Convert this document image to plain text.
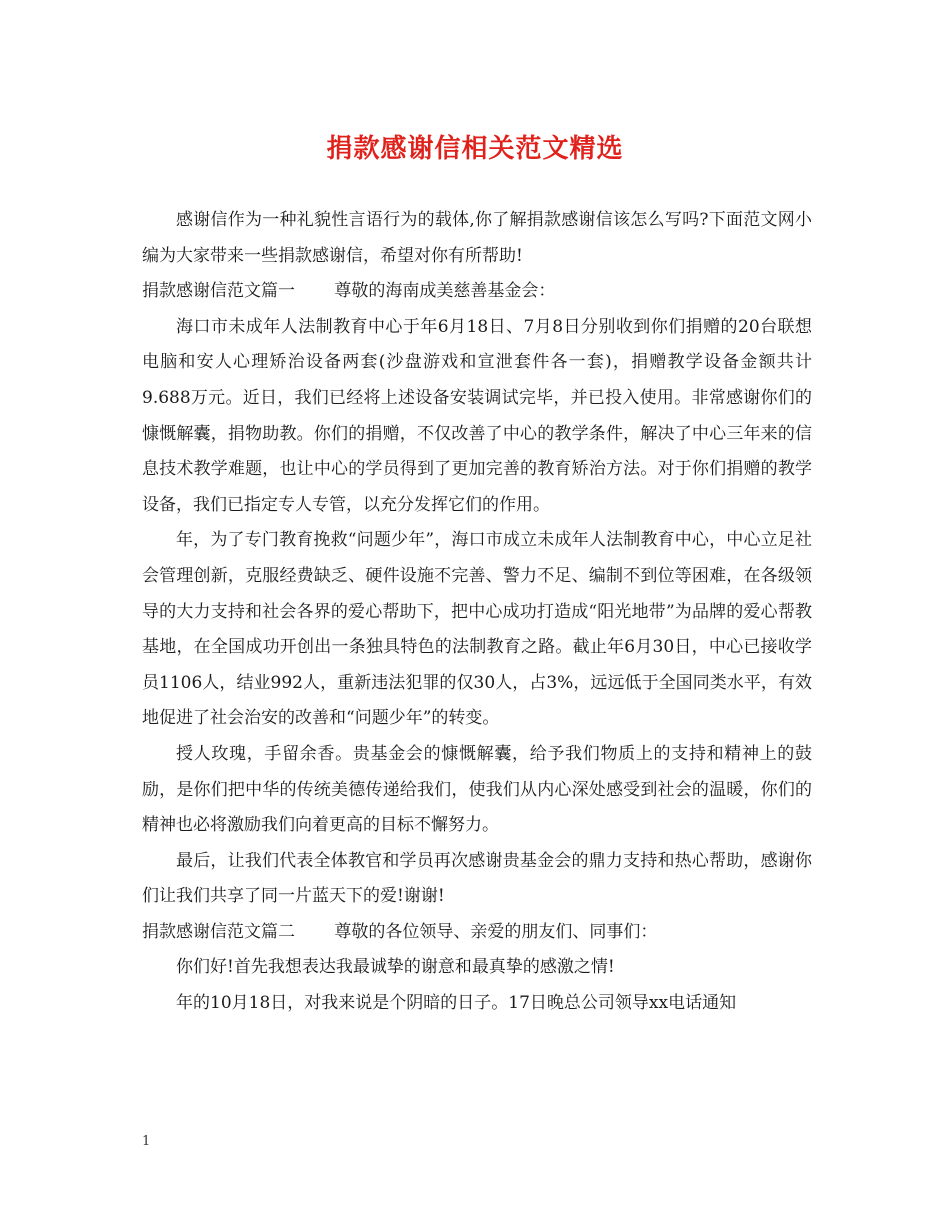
捐款感谢信相关范文精选

感谢信作为一种礼貌性言语行为的载体,你了解捐款感谢信该怎么写吗?下面范文网小编为大家带来一些捐款感谢信，希望对你有所帮助!

捐款感谢信范文篇一　　 尊敬的海南成美慈善基金会：

海口市未成年人法制教育中心于年6月18日、7月8日分别收到你们捐赠的20台联想电脑和安人心理矫治设备两套(沙盘游戏和宣泄套件各一套)，捐赠教学设备金额共计9.688万元。近日，我们已经将上述设备安装调试完毕，并已投入使用。非常感谢你们的慷慨解囊，捐物助教。你们的捐赠，不仅改善了中心的教学条件，解决了中心三年来的信息技术教学难题，也让中心的学员得到了更加完善的教育矫治方法。对于你们捐赠的教学设备，我们已指定专人专管，以充分发挥它们的作用。

年，为了专门教育挽救“问题少年”，海口市成立未成年人法制教育中心，中心立足社会管理创新，克服经费缺乏、硬件设施不完善、警力不足、编制不到位等困难，在各级领导的大力支持和社会各界的爱心帮助下，把中心成功打造成“阳光地带”为品牌的爱心帮教基地，在全国成功开创出一条独具特色的法制教育之路。截止年6月30日，中心已接收学员1106人，结业992人，重新违法犯罪的仅30人，占3%，远远低于全国同类水平，有效地促进了社会治安的改善和“问题少年”的转变。

授人玫瑰，手留余香。贵基金会的慷慨解囊，给予我们物质上的支持和精神上的鼓励，是你们把中华的传统美德传递给我们，使我们从内心深处感受到社会的温暖，你们的精神也必将激励我们向着更高的目标不懈努力。

最后，让我们代表全体教官和学员再次感谢贵基金会的鼎力支持和热心帮助，感谢你们让我们共享了同一片蓝天下的爱!谢谢!

捐款感谢信范文篇二　　 尊敬的各位领导、亲爱的朋友们、同事们：

你们好!首先我想表达我最诚挚的谢意和最真挚的感激之情!

年的10月18日，对我来说是个阴暗的日子。17日晚总公司领导xx电话通知

1
